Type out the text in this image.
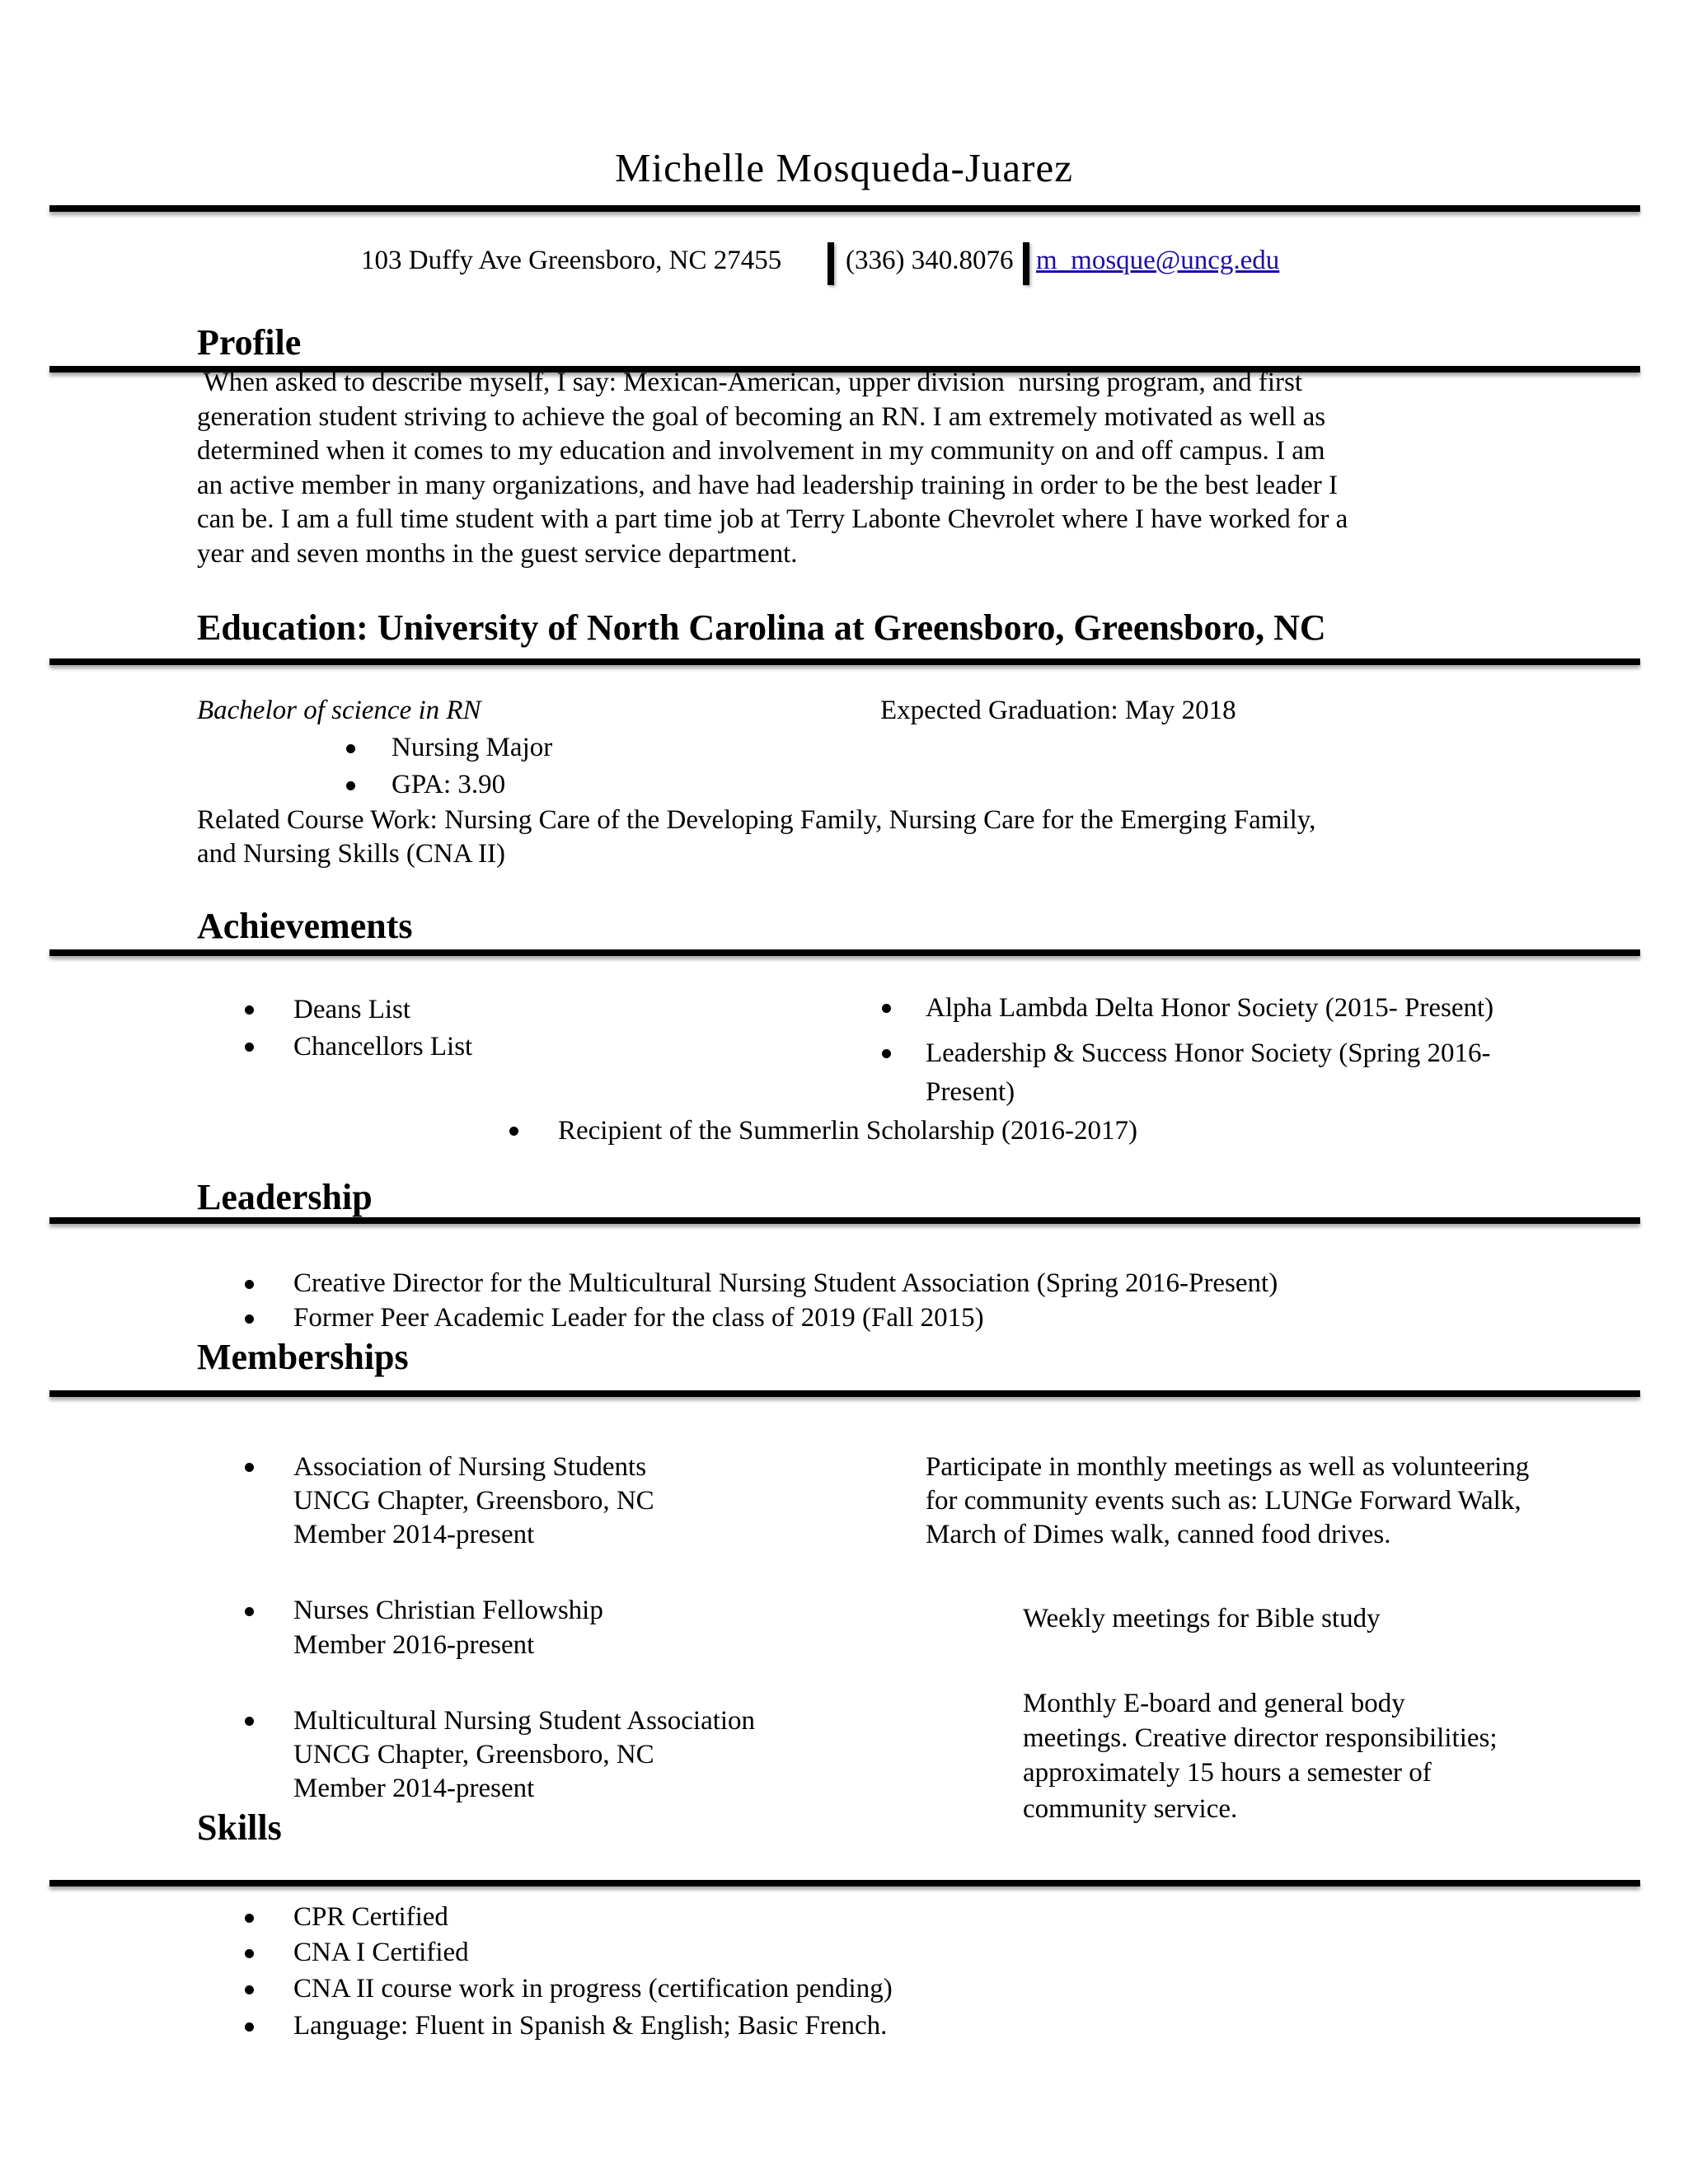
Michelle Mosqueda-Juarez
103 Duffy Ave Greensboro, NC 27455 (336) 340.8076 m_mosque@uncg.edu
Profile
When asked to describe myself, I say: Mexican-American, upper division  nursing program, and first
generation student striving to achieve the goal of becoming an RN. I am extremely motivated as well as
determined when it comes to my education and involvement in my community on and off campus. I am
an active member in many organizations, and have had leadership training in order to be the best leader I
can be. I am a full time student with a part time job at Terry Labonte Chevrolet where I have worked for a
year and seven months in the guest service department.
Education: University of North Carolina at Greensboro, Greensboro, NC
Bachelor of science in RN	Expected Graduation: May 2018
Nursing Major
GPA: 3.90
Related Course Work: Nursing Care of the Developing Family, Nursing Care for the Emerging Family,
and Nursing Skills (CNA II)
Achievements
Deans List
Chancellors List
Alpha Lambda Delta Honor Society (2015- Present)
Leadership & Success Honor Society (Spring 2016-
Present)
Recipient of the Summerlin Scholarship (2016-2017)
Leadership
Creative Director for the Multicultural Nursing Student Association (Spring 2016-Present)
Former Peer Academic Leader for the class of 2019 (Fall 2015)
Memberships
Association of Nursing Students
UNCG Chapter, Greensboro, NC
Member 2014-present
Participate in monthly meetings as well as volunteering
for community events such as: LUNGe Forward Walk,
March of Dimes walk, canned food drives.
Nurses Christian Fellowship
Member 2016-present
Weekly meetings for Bible study
Multicultural Nursing Student Association
UNCG Chapter, Greensboro, NC
Member 2014-present
Monthly E-board and general body
meetings. Creative director responsibilities;
approximately 15 hours a semester of
community service.
Skills
CPR Certified
CNA I Certified
CNA II course work in progress (certification pending)
Language: Fluent in Spanish & English; Basic French.
